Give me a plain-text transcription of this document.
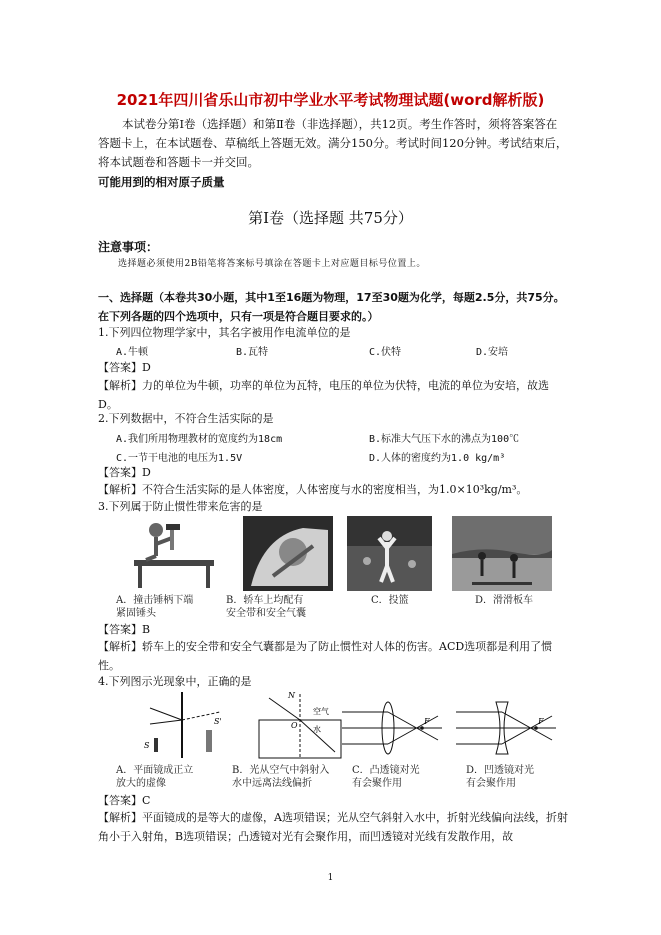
2021年四川省乐山市初中学业水平考试物理试题(word解析版)
本试卷分第Ⅰ卷（选择题）和第Ⅱ卷（非选择题），共12页。考生作答时，须将答案答在答题卡上，在本试题卷、草稿纸上答题无效。满分150分。考试时间120分钟。考试结束后，将本试题卷和答题卡一并交回。
可能用到的相对原子质量
第Ⅰ卷（选择题 共75分）
注意事项：
选择题必须使用2B铅笔将答案标号填涂在答题卡上对应题目标号位置上。
一、选择题（本卷共30小题，其中1至16题为物理，17至30题为化学，每题2.5分，共75分。在下列各题的四个选项中，只有一项是符合题目要求的。）
1.下列四位物理学家中，其名字被用作电流单位的是
A.牛顿	B.瓦特	C.伏特	D.安培
【答案】D
【解析】力的单位为牛顿，功率的单位为瓦特，电压的单位为伏特，电流的单位为安培，故选D。
2.下列数据中，不符合生活实际的是
A.我们所用物理教材的宽度约为18cm	B.标准大气压下水的沸点为100℃
C.一节干电池的电压为1.5V	D.人体的密度约为1.0 kg/m³
【答案】D
【解析】不符合生活实际的是人体密度，人体密度与水的密度相当，为1.0×10³kg/m³。
3.下列属于防止惯性带来危害的是
A．撞击锤柄下端
紧固锤头
B．轿车上均配有
安全带和安全气囊
C．投篮	D．滑滑板车
【答案】B
【解析】轿车上的安全带和安全气囊都是为了防止惯性对人体的伤害。ACD选项都是利用了惯性。
4.下列图示光现象中，正确的是
S
S'
N
空气
水
O	F	F
A．平面镜成正立
放大的虚像
B．光从空气中斜射入
水中远离法线偏折
C．凸透镜对光
有会聚作用
D．凹透镜对光
有会聚作用
【答案】C
【解析】平面镜成的是等大的虚像，A选项错误；光从空气斜射入水中，折射光线偏向法线，折射角小于入射角，B选项错误；凸透镜对光有会聚作用，而凹透镜对光线有发散作用，故
1
